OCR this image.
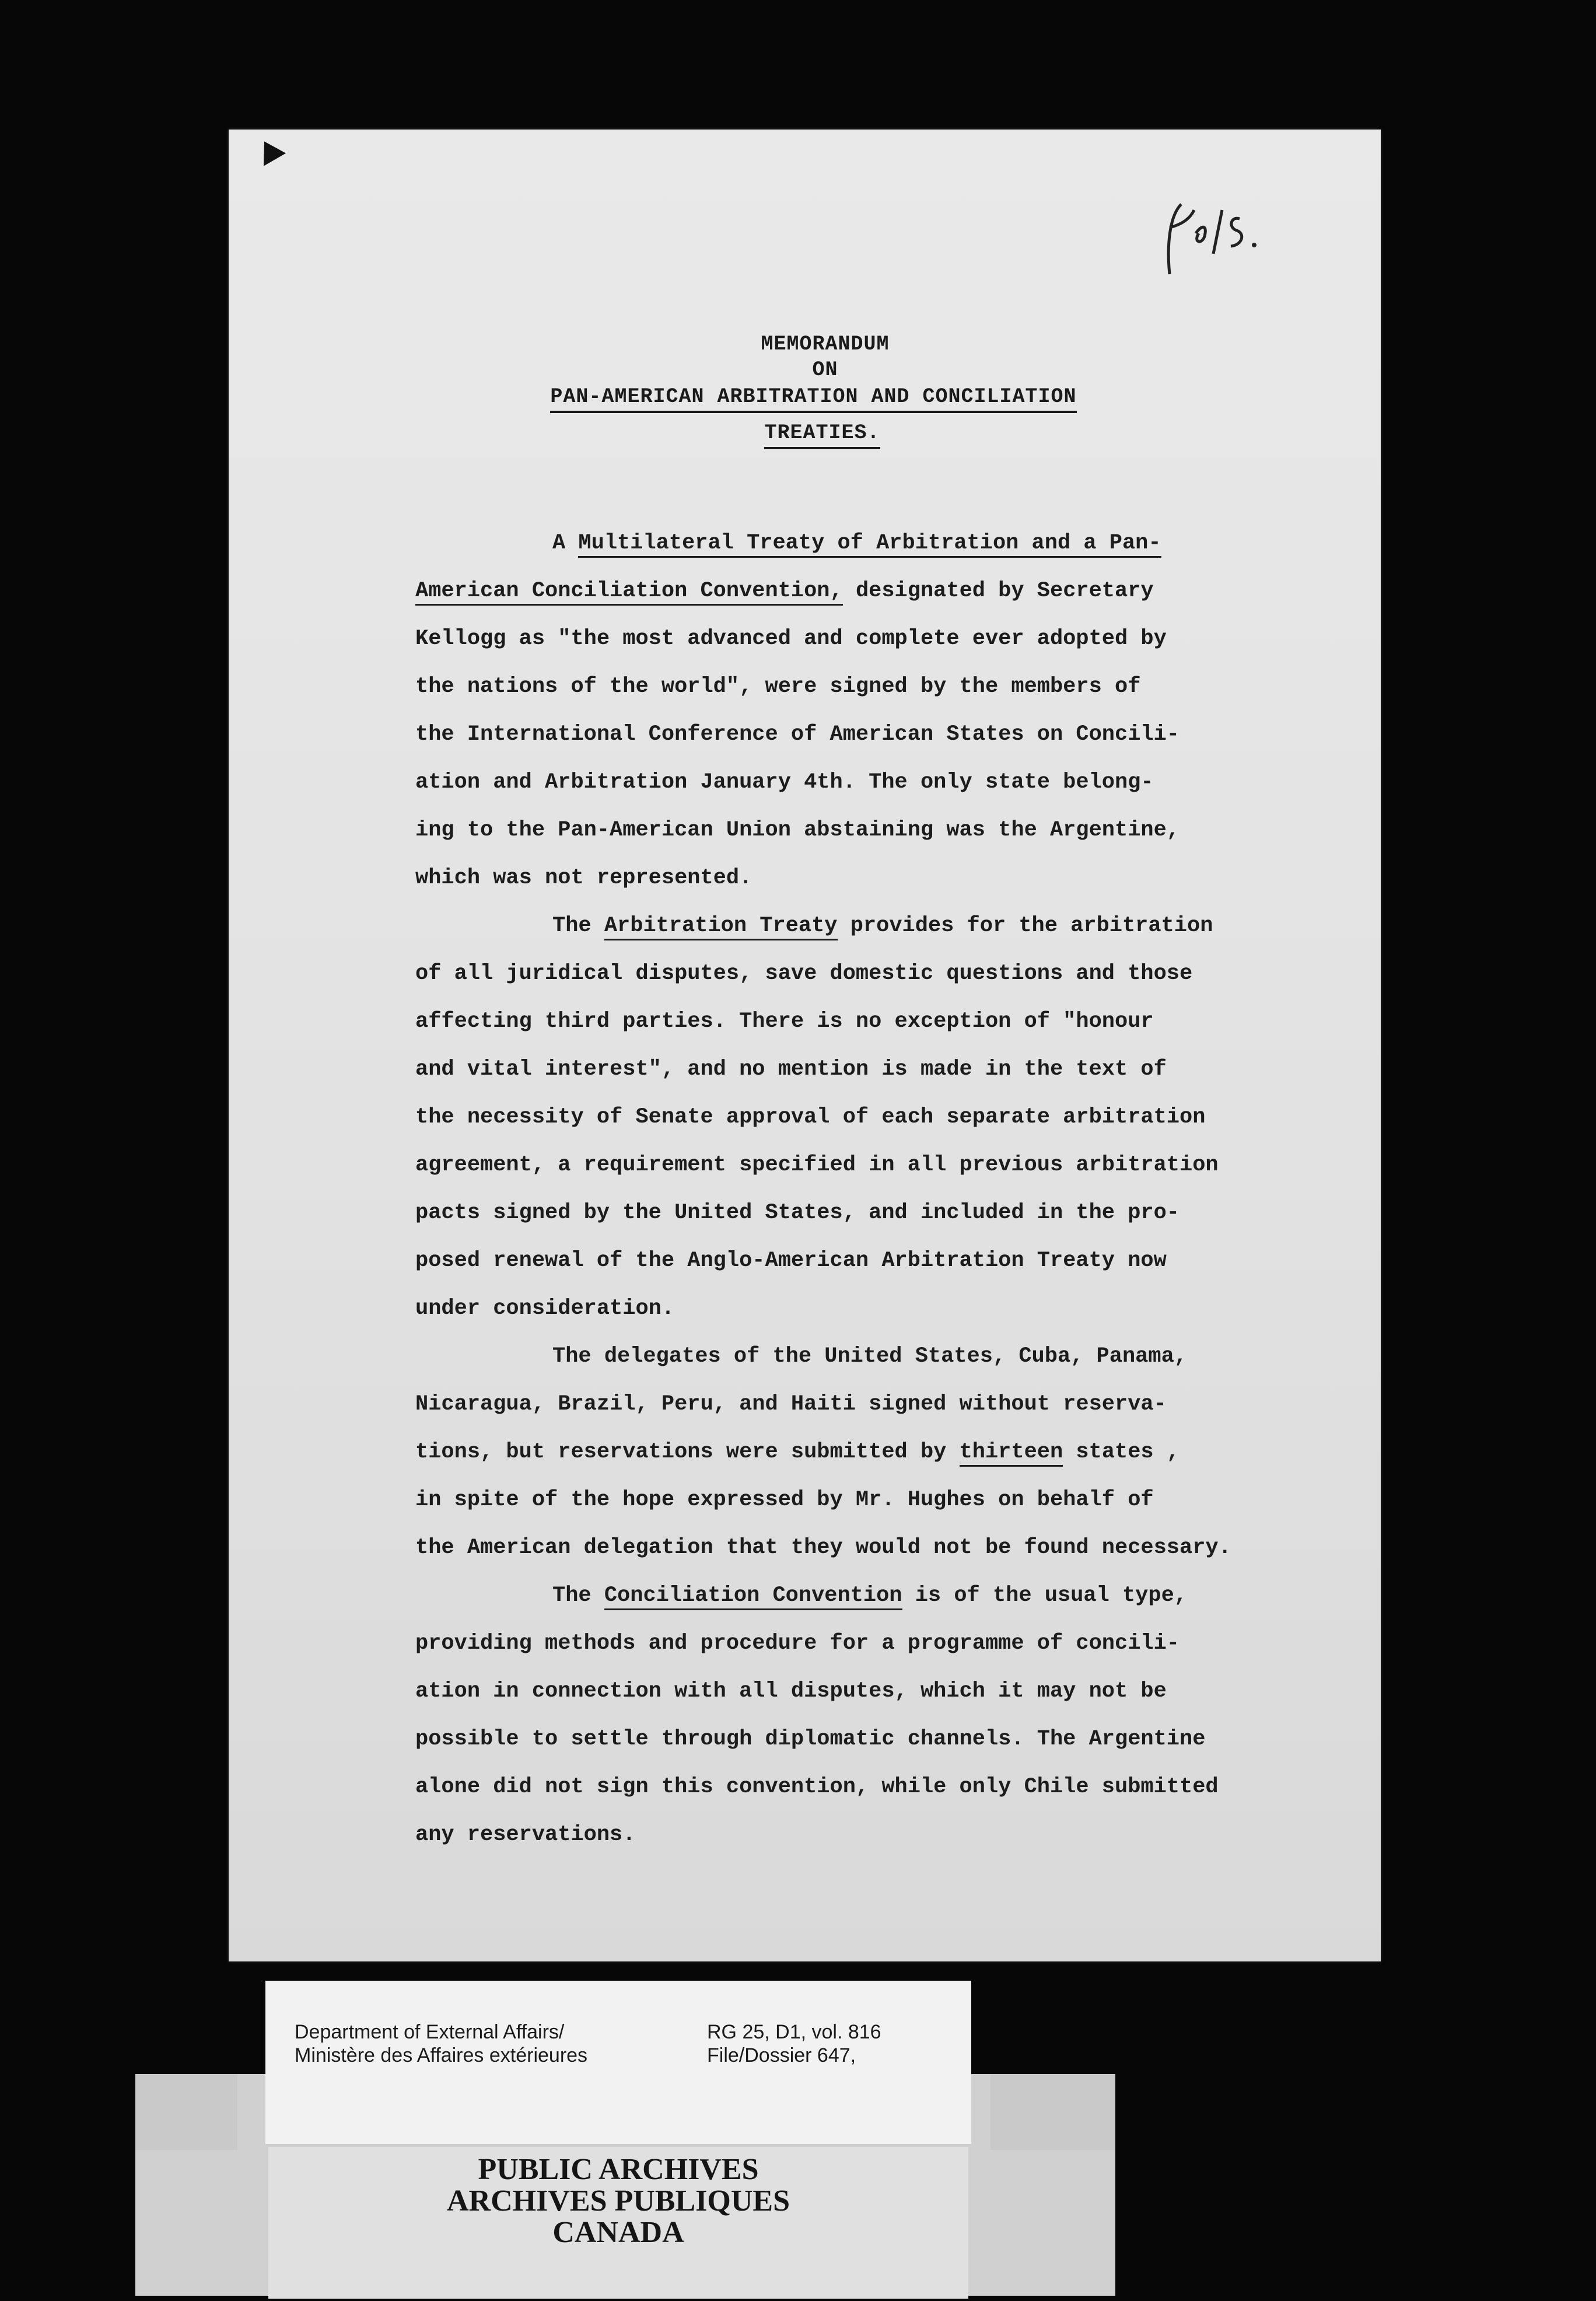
MEMORANDUM
ON
PAN-AMERICAN ARBITRATION AND CONCILIATION
TREATIES.
A Multilateral Treaty of Arbitration and a Pan-
American Conciliation Convention, designated by Secretary
Kellogg as "the most advanced and complete ever adopted by
the nations of the world", were signed by the members of
the International Conference of American States on Concili-
ation and Arbitration January 4th. The only state belong-
ing to the Pan-American Union abstaining was the Argentine,
which was not represented.
The Arbitration Treaty provides for the arbitration
of all juridical disputes, save domestic questions and those
affecting third parties. There is no exception of "honour
and vital interest", and no mention is made in the text of
the necessity of Senate approval of each separate arbitration
agreement, a requirement specified in all previous arbitration
pacts signed by the United States, and included in the pro-
posed renewal of the Anglo-American Arbitration Treaty now
under consideration.
The delegates of the United States, Cuba, Panama,
Nicaragua, Brazil, Peru, and Haiti signed without reserva-
tions, but reservations were submitted by thirteen states ,
in spite of the hope expressed by Mr. Hughes on behalf of
the American delegation that they would not be found necessary.
The Conciliation Convention is of the usual type,
providing methods and procedure for a programme of concili-
ation in connection with all disputes, which it may not be
possible to settle through diplomatic channels. The Argentine
alone did not sign this convention, while only Chile submitted
any reservations.
Department of External Affairs/
Ministère des Affaires extérieures
RG 25, D1, vol. 816
File/Dossier 647,
PUBLIC ARCHIVES
ARCHIVES PUBLIQUES
CANADA
